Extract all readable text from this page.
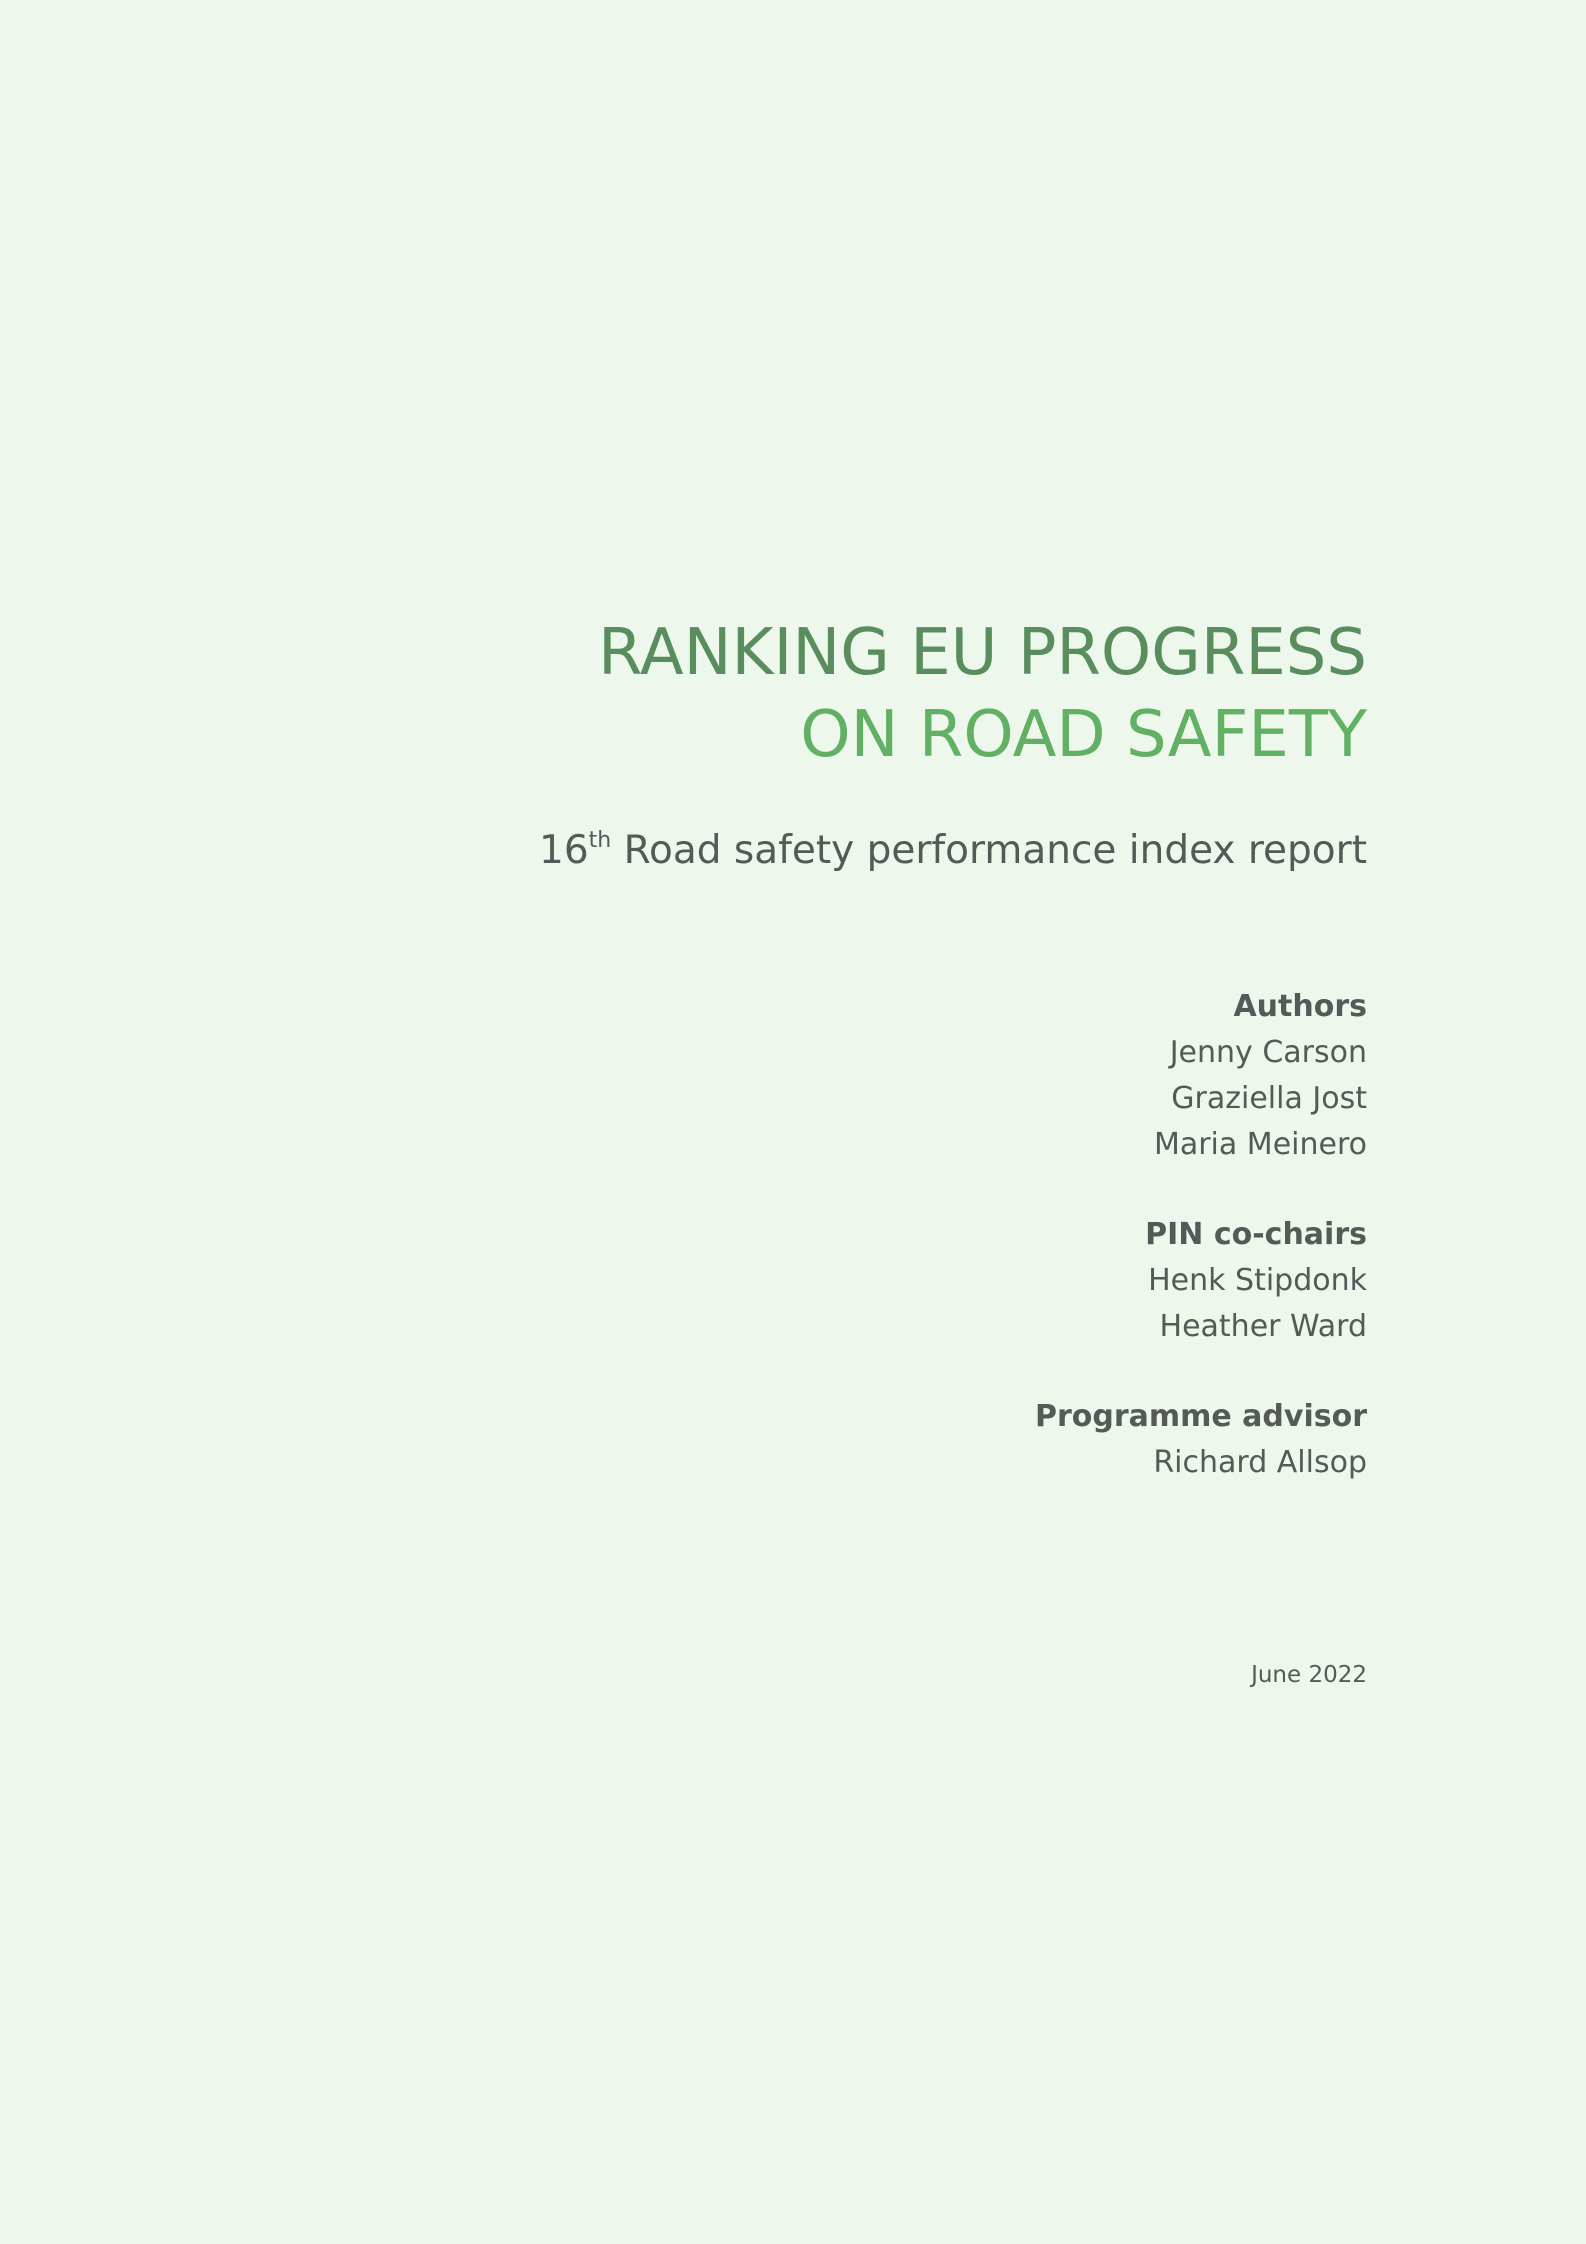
RANKING EU PROGRESS
ON ROAD SAFETY
16th Road safety performance index report
Authors
Jenny Carson
Graziella Jost
Maria Meinero
PIN co-chairs
Henk Stipdonk
Heather Ward
Programme advisor
Richard Allsop
June 2022
